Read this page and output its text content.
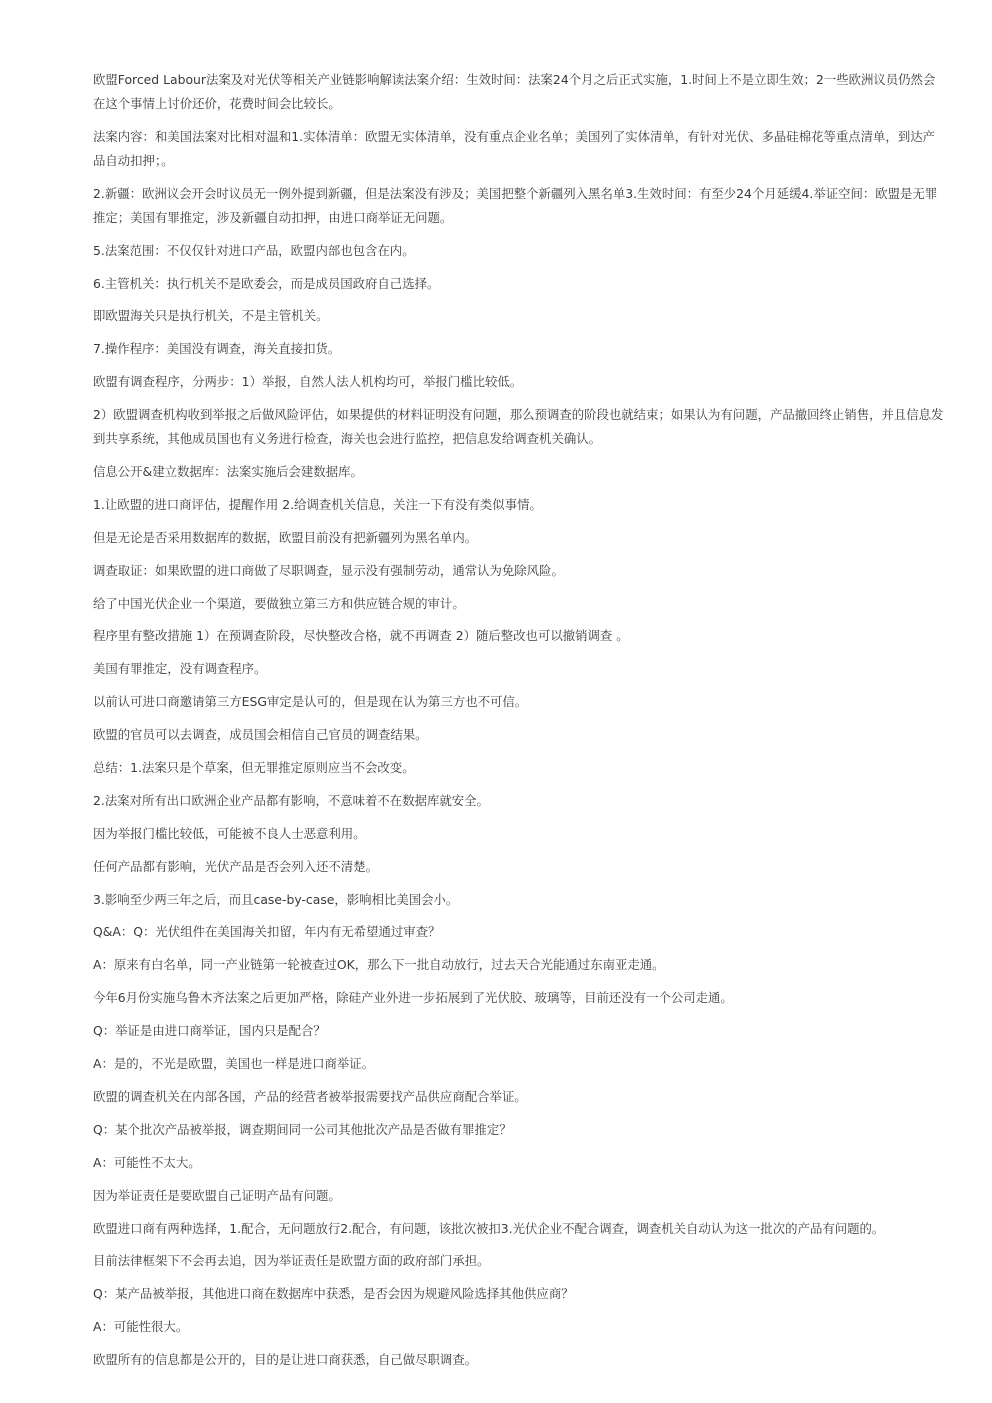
欧盟Forced Labour法案及对光伏等相关产业链影响解读法案介绍：生效时间：法案24个月之后正式实施，1.时间上不是立即生效；2一些欧洲议员仍然会在这个事情上讨价还价，花费时间会比较长。

法案内容：和美国法案对比相对温和1.实体清单：欧盟无实体清单，没有重点企业名单；美国列了实体清单，有针对光伏、多晶硅棉花等重点清单，到达产品自动扣押；。

2.新疆：欧洲议会开会时议员无一例外提到新疆，但是法案没有涉及；美国把整个新疆列入黑名单3.生效时间：有至少24个月延缓4.举证空间：欧盟是无罪推定；美国有罪推定，涉及新疆自动扣押，由进口商举证无问题。

5.法案范围：不仅仅针对进口产品，欧盟内部也包含在内。

6.主管机关：执行机关不是欧委会，而是成员国政府自己选择。

即欧盟海关只是执行机关，不是主管机关。

7.操作程序：美国没有调查，海关直接扣货。

欧盟有调查程序，分两步：1）举报，自然人法人机构均可，举报门槛比较低。

2）欧盟调查机构收到举报之后做风险评估，如果提供的材料证明没有问题，那么预调查的阶段也就结束；如果认为有问题，产品撤回终止销售，并且信息发到共享系统，其他成员国也有义务进行检查，海关也会进行监控，把信息发给调查机关确认。

信息公开&建立数据库：法案实施后会建数据库。

1.让欧盟的进口商评估，提醒作用 2.给调查机关信息，关注一下有没有类似事情。

但是无论是否采用数据库的数据，欧盟目前没有把新疆列为黑名单内。

调查取证：如果欧盟的进口商做了尽职调查，显示没有强制劳动，通常认为免除风险。

给了中国光伏企业一个渠道，要做独立第三方和供应链合规的审计。

程序里有整改措施 1）在预调查阶段，尽快整改合格，就不再调查 2）随后整改也可以撤销调查 。

美国有罪推定，没有调查程序。

以前认可进口商邀请第三方ESG审定是认可的，但是现在认为第三方也不可信。

欧盟的官员可以去调查，成员国会相信自己官员的调查结果。

总结：1.法案只是个草案，但无罪推定原则应当不会改变。

2.法案对所有出口欧洲企业产品都有影响，不意味着不在数据库就安全。

因为举报门槛比较低，可能被不良人士恶意利用。

任何产品都有影响，光伏产品是否会列入还不清楚。

3.影响至少两三年之后，而且case-by-case，影响相比美国会小。

Q&A：Q：光伏组件在美国海关扣留，年内有无希望通过审查？

A：原来有白名单，同一产业链第一轮被查过OK，那么下一批自动放行，过去天合光能通过东南亚走通。

今年6月份实施乌鲁木齐法案之后更加严格，除硅产业外进一步拓展到了光伏胶、玻璃等，目前还没有一个公司走通。

Q：举证是由进口商举证，国内只是配合？

A：是的，不光是欧盟，美国也一样是进口商举证。

欧盟的调查机关在内部各国，产品的经营者被举报需要找产品供应商配合举证。

Q：某个批次产品被举报，调查期间同一公司其他批次产品是否做有罪推定？

A：可能性不太大。

因为举证责任是要欧盟自己证明产品有问题。

欧盟进口商有两种选择，1.配合，无问题放行2.配合，有问题，该批次被扣3.光伏企业不配合调查，调查机关自动认为这一批次的产品有问题的。

目前法律框架下不会再去追，因为举证责任是欧盟方面的政府部门承担。

Q：某产品被举报，其他进口商在数据库中获悉，是否会因为规避风险选择其他供应商？

A：可能性很大。

欧盟所有的信息都是公开的，目的是让进口商获悉，自己做尽职调查。
